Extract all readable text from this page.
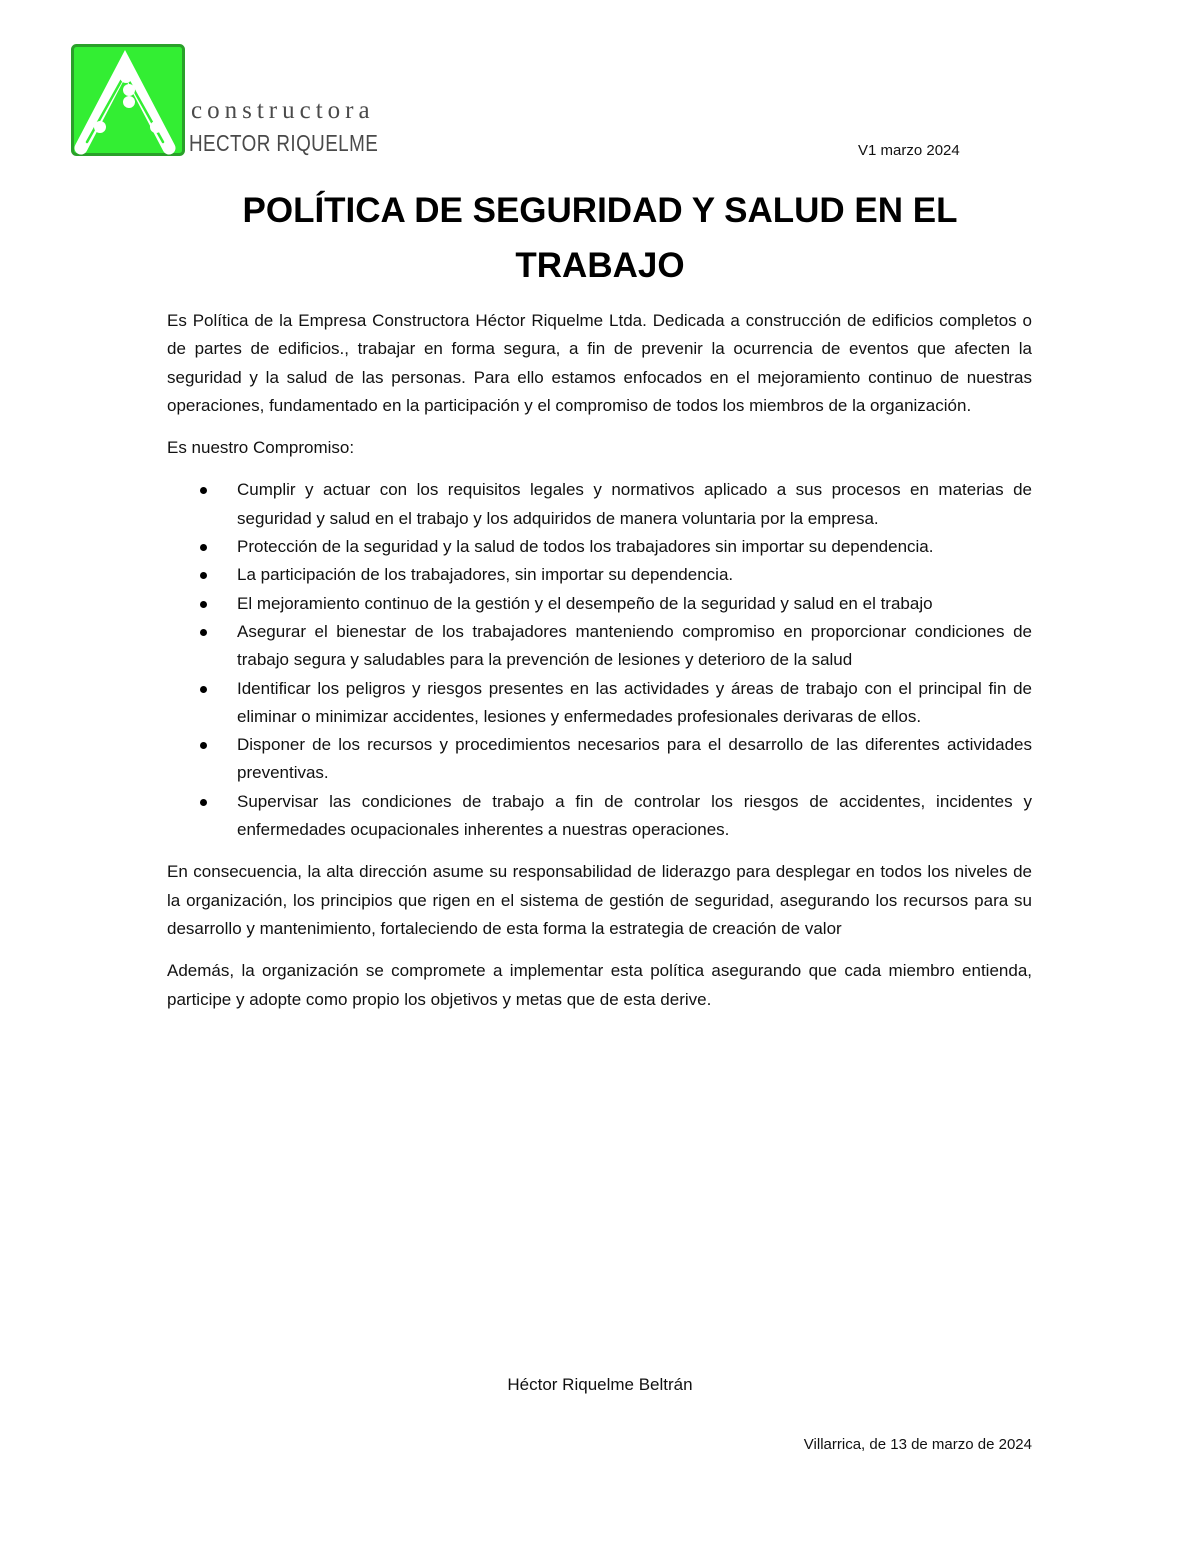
constructora
HECTOR RIQUELME	V1 marzo 2024
POLÍTICA DE SEGURIDAD Y SALUD EN EL TRABAJO

Es Política de la Empresa Constructora Héctor Riquelme Ltda. Dedicada a construcción de edificios completos o de partes de edificios., trabajar en forma segura, a fin de prevenir la ocurrencia de eventos que afecten la seguridad y la salud de las personas. Para ello estamos enfocados en el mejoramiento continuo de nuestras operaciones, fundamentado en la participación y el compromiso de todos los miembros de la organización.

Es nuestro Compromiso:

Cumplir y actuar con los requisitos legales y normativos aplicado a sus procesos en materias de seguridad y salud en el trabajo y los adquiridos de manera voluntaria por la empresa.
Protección de la seguridad y la salud de todos los trabajadores sin importar su dependencia.
La participación de los trabajadores, sin importar su dependencia.
El mejoramiento continuo de la gestión y el desempeño de la seguridad y salud en el trabajo
Asegurar el bienestar de los trabajadores manteniendo compromiso en proporcionar condiciones de trabajo segura y saludables para la prevención de lesiones y deterioro de la salud
Identificar los peligros y riesgos presentes en las actividades y áreas de trabajo con el principal fin de eliminar o minimizar accidentes, lesiones y enfermedades profesionales derivaras de ellos.
Disponer de los recursos y procedimientos necesarios para el desarrollo de las diferentes actividades preventivas.
Supervisar las condiciones de trabajo a fin de controlar los riesgos de accidentes, incidentes y enfermedades ocupacionales inherentes a nuestras operaciones.

En consecuencia, la alta dirección asume su responsabilidad de liderazgo para desplegar en todos los niveles de la organización, los principios que rigen en el sistema de gestión de seguridad, asegurando los recursos para su desarrollo y mantenimiento, fortaleciendo de esta forma la estrategia de creación de valor

Además, la organización se compromete a implementar esta política asegurando que cada miembro entienda, participe y adopte como propio los objetivos y metas que de esta derive.

Héctor Riquelme Beltrán
Villarrica, de 13 de marzo de 2024
